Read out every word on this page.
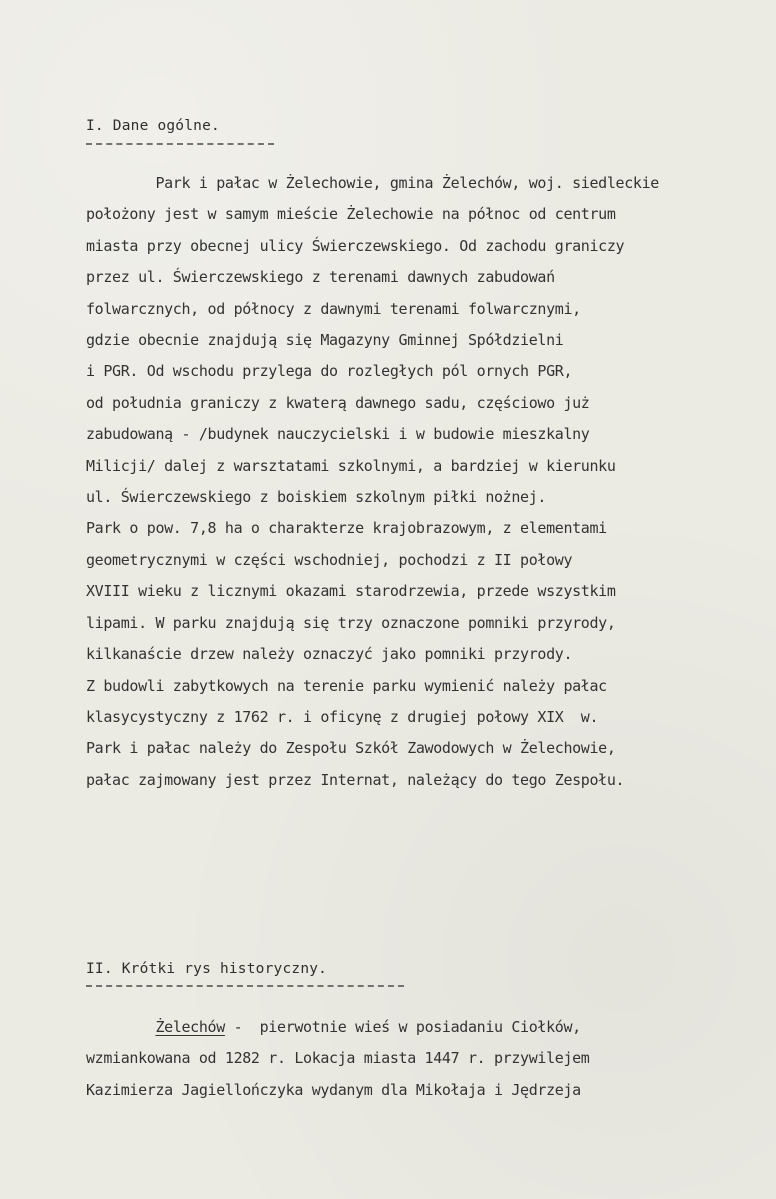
I. Dane ogólne.
Park i pałac w Żelechowie, gmina Żelechów, woj. siedleckie
położony jest w samym mieście Żelechowie na północ od centrum
miasta przy obecnej ulicy Świerczewskiego. Od zachodu graniczy
przez ul. Świerczewskiego z terenami dawnych zabudowań
folwarcznych, od północy z dawnymi terenami folwarcznymi,
gdzie obecnie znajdują się Magazyny Gminnej Spółdzielni
i PGR. Od wschodu przylega do rozległych pól ornych PGR,
od południa graniczy z kwaterą dawnego sadu, częściowo już
zabudowaną - /budynek nauczycielski i w budowie mieszkalny
Milicji/ dalej z warsztatami szkolnymi, a bardziej w kierunku
ul. Świerczewskiego z boiskiem szkolnym piłki nożnej.
Park o pow. 7,8 ha o charakterze krajobrazowym, z elementami
geometrycznymi w części wschodniej, pochodzi z II połowy
XVIII wieku z licznymi okazami starodrzewia, przede wszystkim
lipami. W parku znajdują się trzy oznaczone pomniki przyrody,
kilkanaście drzew należy oznaczyć jako pomniki przyrody.
Z budowli zabytkowych na terenie parku wymienić należy pałac
klasycystyczny z 1762 r. i oficynę z drugiej połowy XIX  w.
Park i pałac należy do Zespołu Szkół Zawodowych w Żelechowie,
pałac zajmowany jest przez Internat, należący do tego Zespołu.
II. Krótki rys historyczny.
Żelechów -  pierwotnie wieś w posiadaniu Ciołków,
wzmiankowana od 1282 r. Lokacja miasta 1447 r. przywilejem
Kazimierza Jagiellończyka wydanym dla Mikołaja i Jędrzeja
